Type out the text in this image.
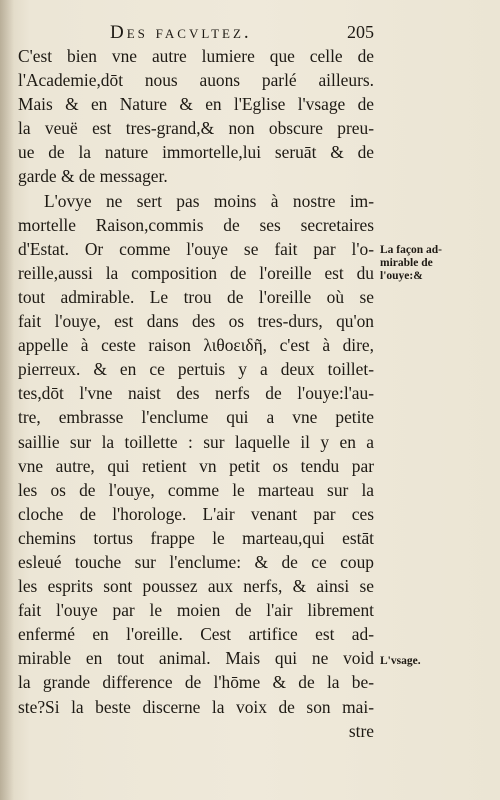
Des facvltez.	205
C'est bien vne autre lumiere que celle de
l'Academie,dōt nous auons parlé ailleurs.
Mais & en Nature & en l'Eglise l'vsage de
la veuë est tres-grand,& non obscure preu-
ue de la nature immortelle,lui seruāt & de
garde & de messager.
L'ovye ne sert pas moins à nostre im-
mortelle Raison,commis de ses secretaires
d'Estat. Or comme l'ouye se fait par l'o-
reille,aussi la composition de l'oreille est du
tout admirable. Le trou de l'oreille où se
fait l'ouye, est dans des os tres-durs, qu'on
appelle à ceste raison λιθοειδῆ, c'est à dire,
pierreux. & en ce pertuis y a deux toillet-
tes,dōt l'vne naist des nerfs de l'ouye:l'au-
tre, embrasse l'enclume qui a vne petite
saillie sur la toillette : sur laquelle il y en a
vne autre, qui retient vn petit os tendu par
les os de l'ouye, comme le marteau sur la
cloche de l'horologe. L'air venant par ces
chemins tortus frappe le marteau,qui estāt
esleué touche sur l'enclume: & de ce coup
les esprits sont poussez aux nerfs, & ainsi se
fait l'ouye par le moien de l'air librement
enfermé en l'oreille. Cest artifice est ad-
mirable en tout animal. Mais qui ne void
la grande difference de l'hōme & de la be-
ste?Si la beste discerne la voix de son mai-
stre
La façon ad-
mirable de
l'ouye:&
L'vsage.
